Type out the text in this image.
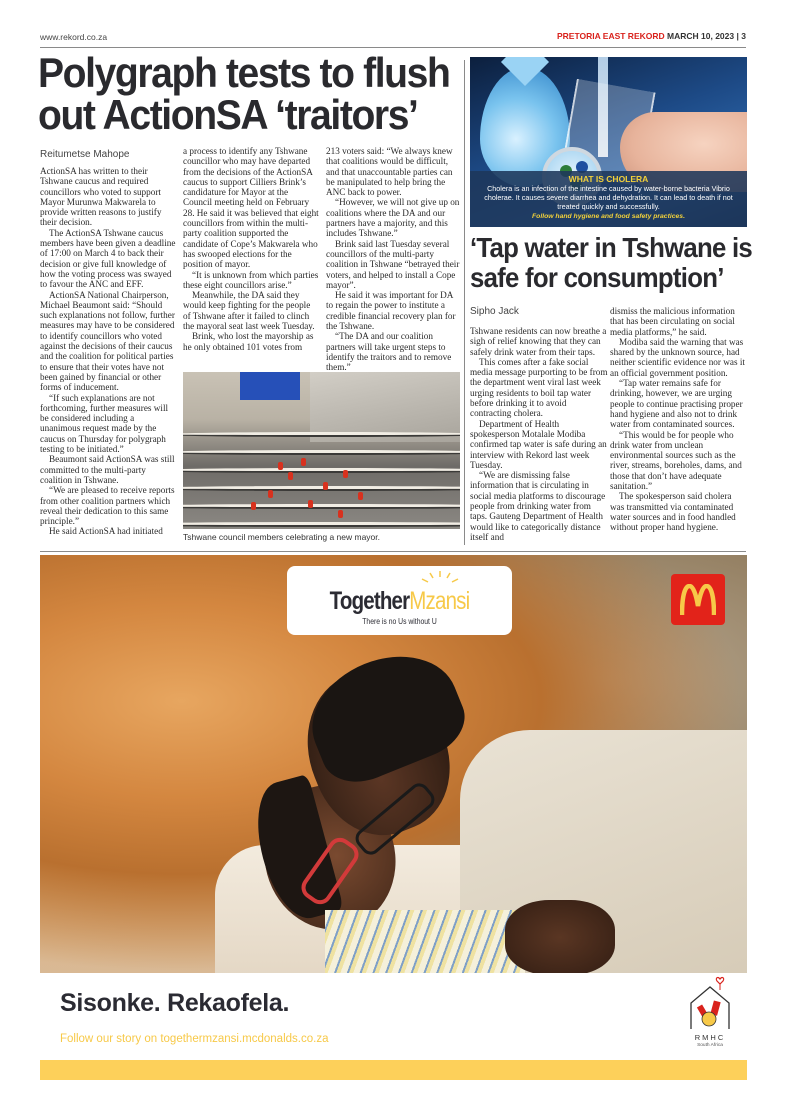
www.rekord.co.za	PRETORIA EAST REKORD MARCH 10, 2023 | 3
Polygraph tests to flush
out ActionSA ‘traitors’
Reitumetse Mahope

ActionSA has written to their Tshwane caucus and required councillors who voted to support Mayor Murunwa Makwarela to provide written reasons to justify their decision.

The ActionSA Tshwane caucus members have been given a deadline of 17:00 on March 4 to back their decision or give full knowledge of how the voting process was swayed to favour the ANC and EFF.

ActionSA National Chairperson, Michael Beaumont said: “Should such explanations not follow, further measures may have to be considered to identify councillors who voted against the decisions of their caucus and the coalition for political parties to ensure that their votes have not been gained by financial or other forms of inducement.

“If such explanations are not forthcoming, further measures will be considered including a unanimous request made by the caucus on Thursday for polygraph testing to be initiated.”

Beaumont said ActionSA was still committed to the multi-party coalition in Tshwane.

“We are pleased to receive reports from other coalition partners which reveal their dedication to this same principle.”

He said ActionSA had initiated

a process to identify any Tshwane councillor who may have departed from the decisions of the ActionSA caucus to support Cilliers Brink’s candidature for Mayor at the Council meeting held on February 28. He said it was believed that eight councillors from within the multi-party coalition supported the candidate of Cope’s Makwarela who has swooped elections for the position of mayor.

“It is unknown from which parties these eight councillors arise.”

Meanwhile, the DA said they would keep fighting for the people of Tshwane after it failed to clinch the mayoral seat last week Tuesday.

Brink, who lost the mayorship as he only obtained 101 votes from

213 voters said: “We always knew that coalitions would be difficult, and that unaccountable parties can be manipulated to help bring the ANC back to power.

“However, we will not give up on coalitions where the DA and our partners have a majority, and this includes Tshwane.”

Brink said last Tuesday several councillors of the multi-party coalition in Tshwane “betrayed their voters, and helped to install a Cope mayor”.

He said it was important for DA to regain the power to institute a credible financial recovery plan for the Tshwane.

“The DA and our coalition partners will take urgent steps to identify the traitors and to remove them.”

Tshwane council members celebrating a new mayor.
WHAT IS CHOLERA
Cholera is an infection of the intestine caused by water-borne bacteria Vibrio cholerae. It causes severe diarrhea and dehydration. It can lead to death if not treated quickly and successfully.
Follow hand hygiene and food safety practices.
‘Tap water in Tshwane is
safe for consumption’
Sipho Jack

Tshwane residents can now breathe a sigh of relief knowing that they can safely drink water from their taps.

This comes after a fake social media message purporting to be from the department went viral last week urging residents to boil tap water before drinking it to avoid contracting cholera.

Department of Health spokesperson Motalale Modiba confirmed tap water is safe during an interview with Rekord last week Tuesday.

“We are dismissing false information that is circulating in social media platforms to discourage people from drinking water from taps. Gauteng Department of Health would like to categorically distance itself and

dismiss the malicious information that has been circulating on social media platforms,” he said.

Modiba said the warning that was shared by the unknown source, had neither scientific evidence nor was it an official government position.

“Tap water remains safe for drinking, however, we are urging people to continue practising proper hand hygiene and also not to drink water from contaminated sources.

“This would be for people who drink water from unclean environmental sources such as the river, streams, boreholes, dams, and those that don’t have adequate sanitation.”

The spokesperson said cholera was transmitted via contaminated water sources and in food handled without proper hand hygiene.

TogetherMzansi
There is no Us without U
Sisonke. Rekaofela.
Follow our story on togethermzansi.mcdonalds.co.za	RMHC
South Africa
